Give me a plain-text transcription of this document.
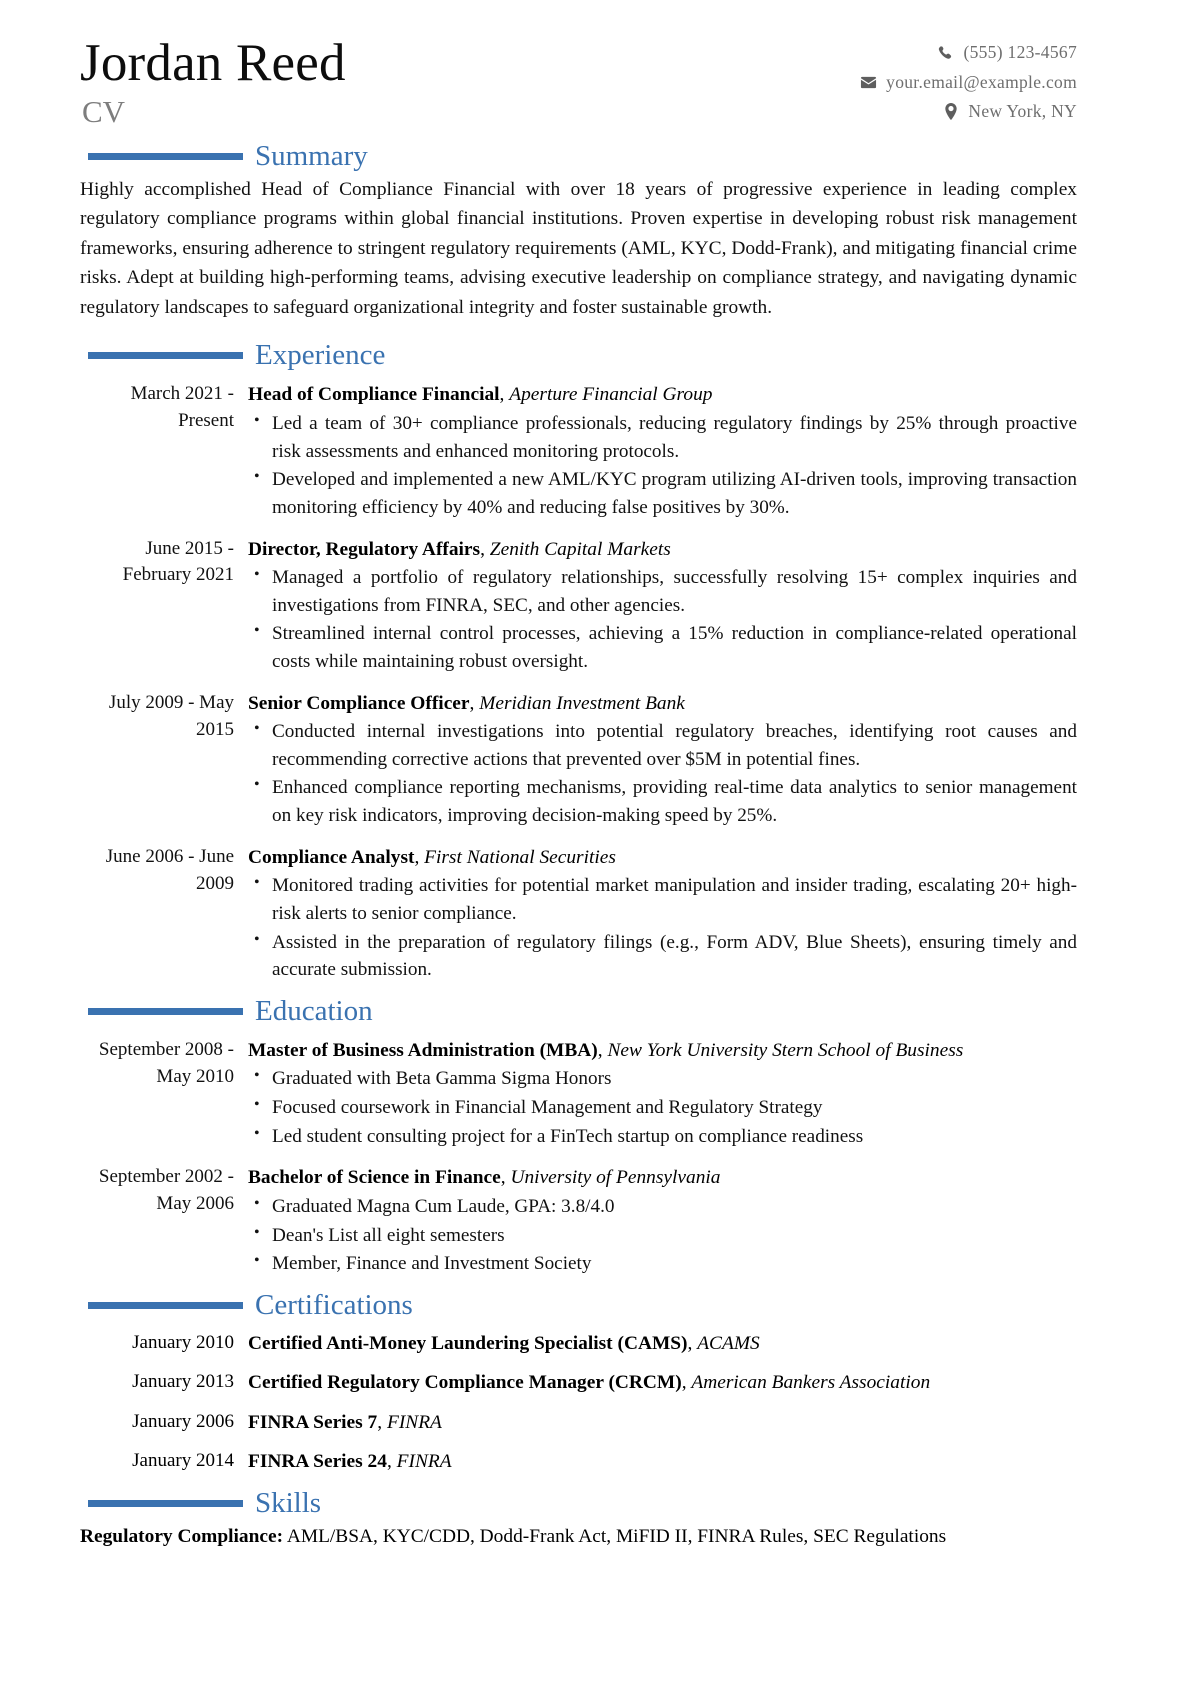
Jordan Reed
CV
(555) 123-4567
your.email@example.com
New York, NY
Summary

Highly accomplished Head of Compliance Financial with over 18 years of progressive experience in leading complex regulatory compliance programs within global financial institutions. Proven expertise in developing robust risk management frameworks, ensuring adherence to stringent regulatory requirements (AML, KYC, Dodd-Frank), and mitigating financial crime risks. Adept at building high-performing teams, advising executive leadership on compliance strategy, and navigating dynamic regulatory landscapes to safeguard organizational integrity and foster sustainable growth.

Experience
March 2021 - Present
Head of Compliance Financial, Aperture Financial Group
• Led a team of 30+ compliance professionals, reducing regulatory findings by 25% through proactive risk assessments and enhanced monitoring protocols.
• Developed and implemented a new AML/KYC program utilizing AI-driven tools, improving transaction monitoring efficiency by 40% and reducing false positives by 30%.
June 2015 - February 2021
Director, Regulatory Affairs, Zenith Capital Markets
• Managed a portfolio of regulatory relationships, successfully resolving 15+ complex inquiries and investigations from FINRA, SEC, and other agencies.
• Streamlined internal control processes, achieving a 15% reduction in compliance-related operational costs while maintaining robust oversight.
July 2009 - May 2015
Senior Compliance Officer, Meridian Investment Bank
• Conducted internal investigations into potential regulatory breaches, identifying root causes and recommending corrective actions that prevented over $5M in potential fines.
• Enhanced compliance reporting mechanisms, providing real-time data analytics to senior management on key risk indicators, improving decision-making speed by 25%.
June 2006 - June 2009
Compliance Analyst, First National Securities
• Monitored trading activities for potential market manipulation and insider trading, escalating 20+ high-risk alerts to senior compliance.
• Assisted in the preparation of regulatory filings (e.g., Form ADV, Blue Sheets), ensuring timely and accurate submission.
Education
September 2008 - May 2010
Master of Business Administration (MBA), New York University Stern School of Business
• Graduated with Beta Gamma Sigma Honors
• Focused coursework in Financial Management and Regulatory Strategy
• Led student consulting project for a FinTech startup on compliance readiness
September 2002 - May 2006
Bachelor of Science in Finance, University of Pennsylvania
• Graduated Magna Cum Laude, GPA: 3.8/4.0
• Dean's List all eight semesters
• Member, Finance and Investment Society
Certifications
January 2010 Certified Anti-Money Laundering Specialist (CAMS), ACAMS
January 2013 Certified Regulatory Compliance Manager (CRCM), American Bankers Association
January 2006 FINRA Series 7, FINRA
January 2014 FINRA Series 24, FINRA
Skills
Regulatory Compliance: AML/BSA, KYC/CDD, Dodd-Frank Act, MiFID II, FINRA Rules, SEC Regulations
